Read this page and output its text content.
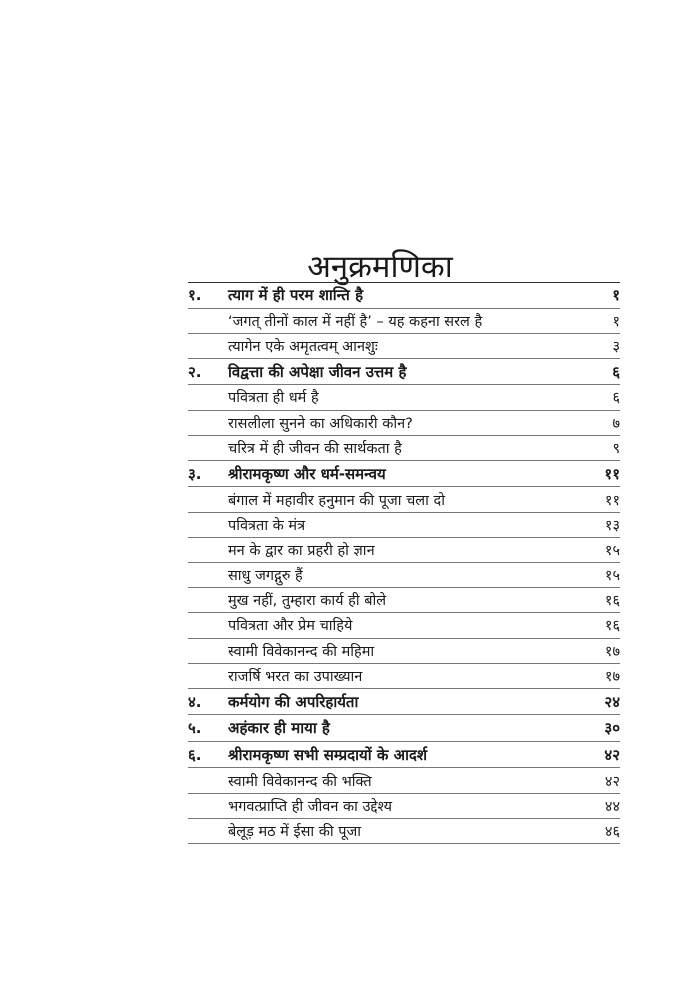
अनुक्रमणिका
१.	त्याग में ही परम शान्ति है	१
‘जगत् तीनों काल में नहीं है’ – यह कहना सरल है	१
त्यागेन एके अमृतत्वम् आनशुः	३
२.	विद्वत्ता की अपेक्षा जीवन उत्तम है	६
पवित्रता ही धर्म है	६
रासलीला सुनने का अधिकारी कौन?	७
चरित्र में ही जीवन की सार्थकता है	९
३.	श्रीरामकृष्ण और धर्म-समन्वय	११
बंगाल में महावीर हनुमान की पूजा चला दो	११
पवित्रता के मंत्र	१३
मन के द्वार का प्रहरी हो ज्ञान	१५
साधु जगद्गुरु हैं	१५
मुख नहीं, तुम्हारा कार्य ही बोले	१६
पवित्रता और प्रेम चाहिये	१६
स्वामी विवेकानन्द की महिमा	१७
राजर्षि भरत का उपाख्यान	१७
४.	कर्मयोग की अपरिहार्यता	२४
५.	अहंकार ही माया है	३०
६.	श्रीरामकृष्ण सभी सम्प्रदायों के आदर्श	४२
स्वामी विवेकानन्द की भक्ति	४२
भगवत्प्राप्ति ही जीवन का उद्देश्य	४४
बेलूड़ मठ में ईसा की पूजा	४६
